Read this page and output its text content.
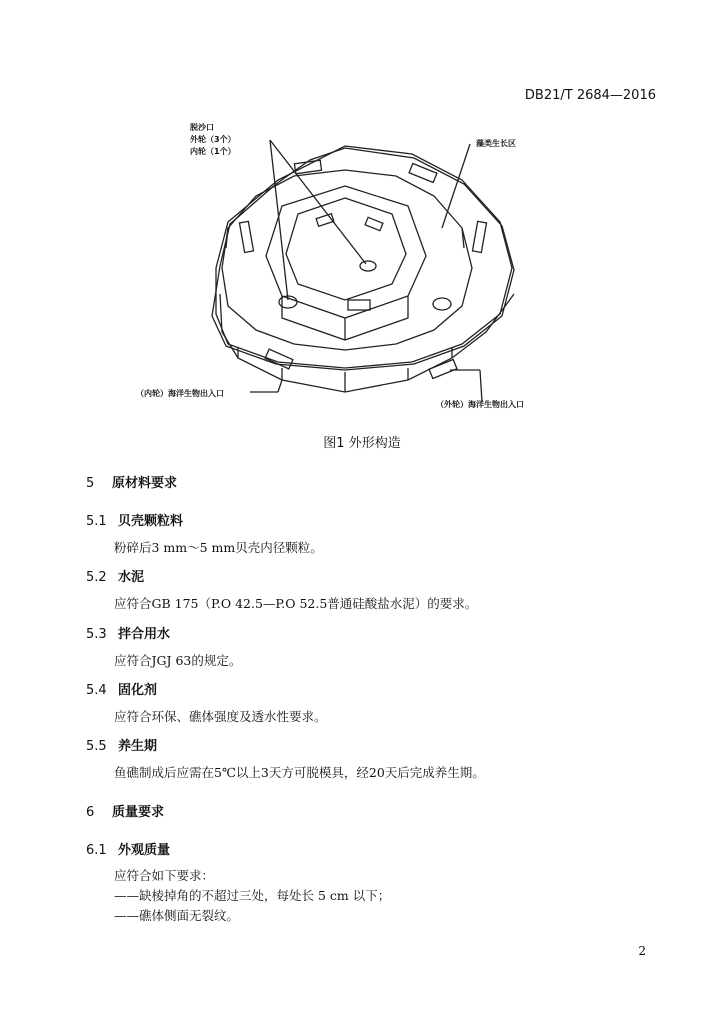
DB21/T 2684—2016
脱沙口
外轮（3个）
内轮（1个）
藻类生长区
（内轮）海洋生物出入口
（外轮）海洋生物出入口
图1 外形构造
5 原材料要求
5.1 贝壳颗粒料
粉碎后3 mm～5 mm贝壳内径颗粒。
5.2 水泥
应符合GB 175（P.O 42.5—P.O 52.5普通硅酸盐水泥）的要求。
5.3 拌合用水
应符合JGJ 63的规定。
5.4 固化剂
应符合环保、礁体强度及透水性要求。
5.5 养生期
鱼礁制成后应需在5℃以上3天方可脱模具，经20天后完成养生期。
6 质量要求
6.1 外观质量
应符合如下要求：
——缺棱掉角的不超过三处，每处长 5 cm 以下；
——礁体侧面无裂纹。
2
